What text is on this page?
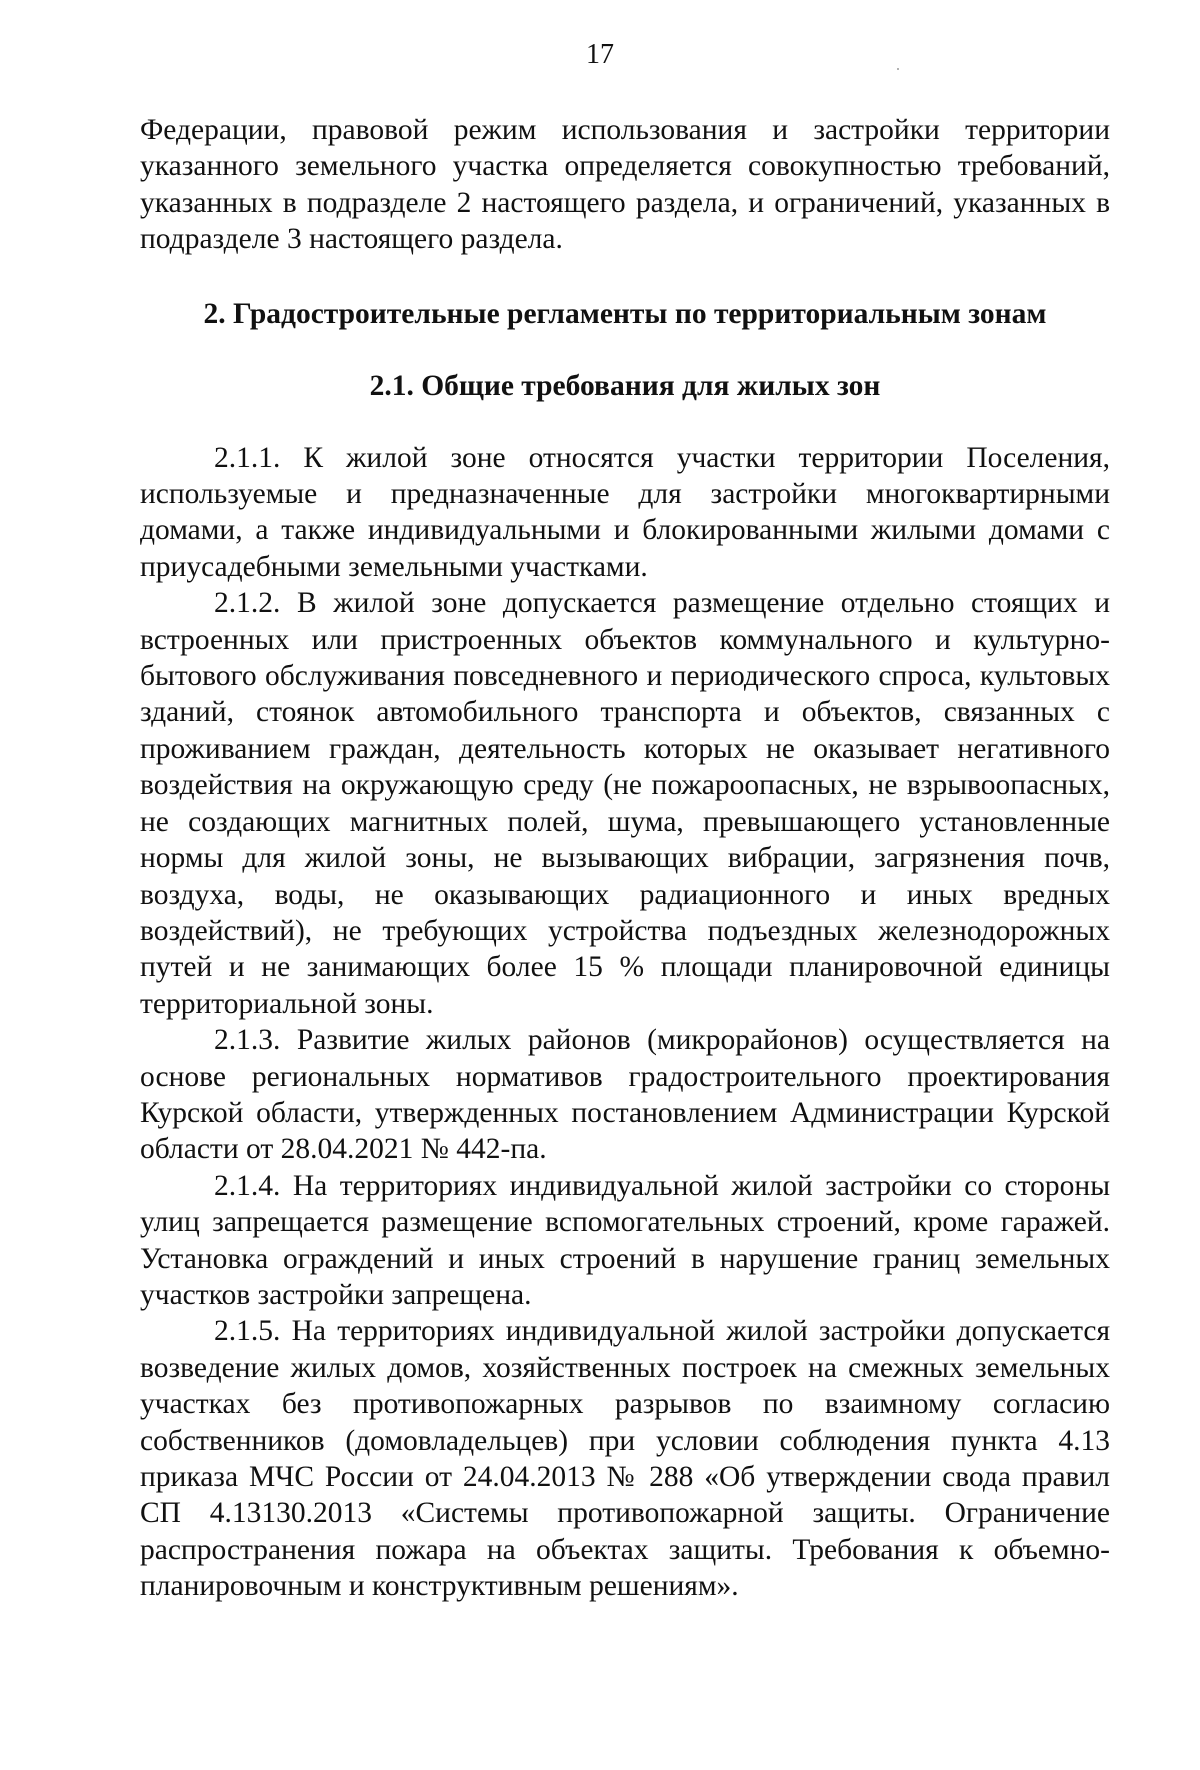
17

Федерации, правовой режим использования и застройки территории указанного земельного участка определяется совокупностью требований, указанных в подразделе 2 настоящего раздела, и ограничений, указанных в подразделе 3 настоящего раздела.

2. Градостроительные регламенты по территориальным зонам

2.1. Общие требования для жилых зон

2.1.1. К жилой зоне относятся участки территории Поселения, используемые и предназначенные для застройки многоквартирными домами, а также индивидуальными и блокированными жилыми домами с приусадебными земельными участками.

2.1.2. В жилой зоне допускается размещение отдельно стоящих и встроенных или пристроенных объектов коммунального и культурно-бытового обслуживания повседневного и периодического спроса, культовых зданий, стоянок автомобильного транспорта и объектов, связанных с проживанием граждан, деятельность которых не оказывает негативного воздействия на окружающую среду (не пожароопасных, не взрывоопасных, не создающих магнитных полей, шума, превышающего установленные нормы для жилой зоны, не вызывающих вибрации, загрязнения почв, воздуха, воды, не оказывающих радиационного и иных вредных воздействий), не требующих устройства подъездных железнодорожных путей и не занимающих более 15 % площади планировочной единицы территориальной зоны.

2.1.3. Развитие жилых районов (микрорайонов) осуществляется на основе региональных нормативов градостроительного проектирования Курской области, утвержденных постановлением Администрации Курской области от 28.04.2021 № 442-па.

2.1.4. На территориях индивидуальной жилой застройки со стороны улиц запрещается размещение вспомогательных строений, кроме гаражей. Установка ограждений и иных строений в нарушение границ земельных участков застройки запрещена.

2.1.5. На территориях индивидуальной жилой застройки допускается возведение жилых домов, хозяйственных построек на смежных земельных участках без противопожарных разрывов по взаимному согласию собственников (домовладельцев) при условии соблюдения пункта 4.13 приказа МЧС России от 24.04.2013 № 288 «Об утверждении свода правил СП 4.13130.2013 «Системы противопожарной защиты. Ограничение распространения пожара на объектах защиты. Требования к объемно-планировочным и конструктивным решениям».
